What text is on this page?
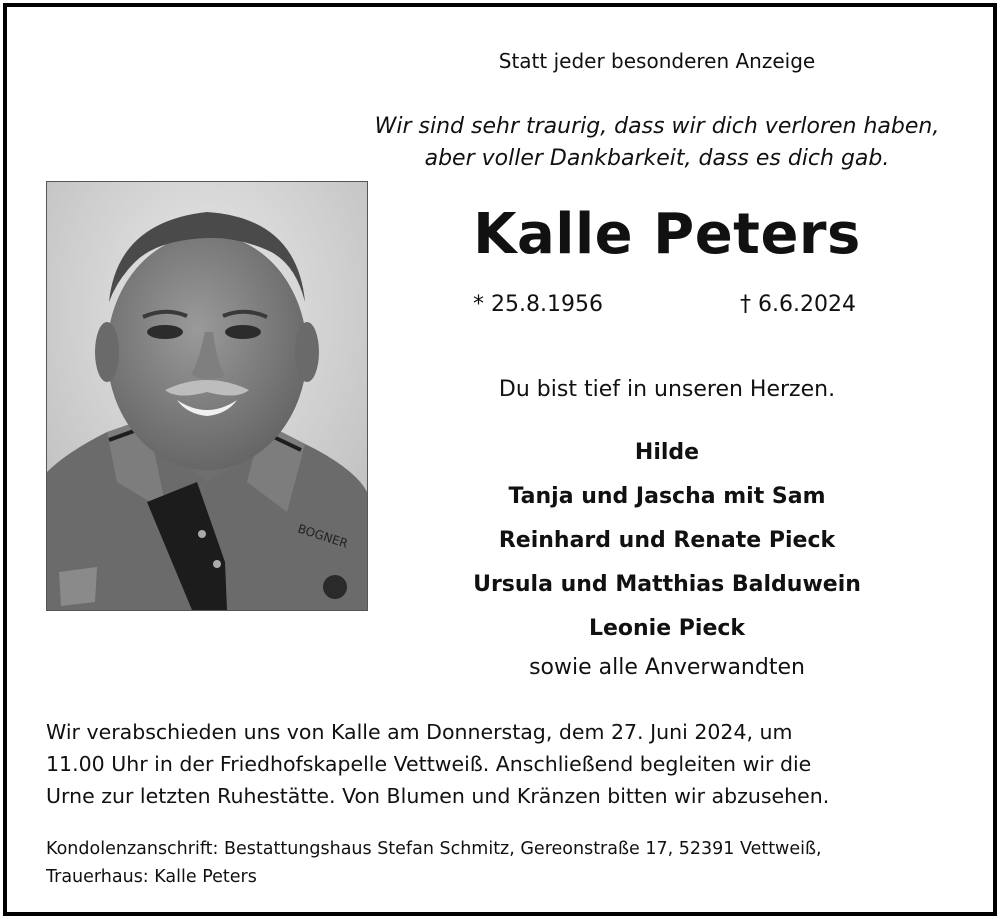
Statt jeder besonderen Anzeige
Wir sind sehr traurig, dass wir dich verloren haben,
aber voller Dankbarkeit, dass es dich gab.
BOGNER
Kalle Peters
* 25.8.1956	† 6.6.2024
Du bist tief in unseren Herzen.
Hilde
Tanja und Jascha mit Sam
Reinhard und Renate Pieck
Ursula und Matthias Balduwein
Leonie Pieck
sowie alle Anverwandten
Wir verabschieden uns von Kalle am Donnerstag, dem 27. Juni 2024, um
11.00 Uhr in der Friedhofskapelle Vettweiß. Anschließend begleiten wir die
Urne zur letzten Ruhestätte. Von Blumen und Kränzen bitten wir abzusehen.
Kondolenzanschrift: Bestattungshaus Stefan Schmitz, Gereonstraße 17, 52391 Vettweiß,
Trauerhaus: Kalle Peters
